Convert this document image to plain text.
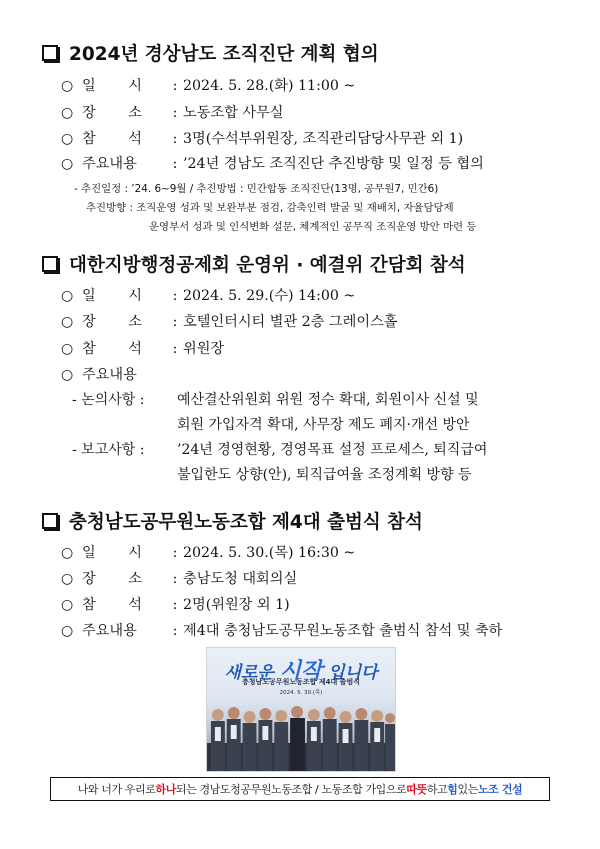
2024년 경상남도 조직진단 계획 협의
○ 일 시	: 2024. 5. 28.(화) 11:00 ~
○ 장 소	: 노동조합 사무실
○ 참 석	: 3명(수석부위원장, 조직관리담당사무관 외 1)
○ 주요내용	: ’24년 경남도 조직진단 추진방향 및 일정 등 협의
- 추진일정 : ’24. 6~9월 / 추진방법 : 민간합동 조직진단(13명, 공무원7, 민간6)
추진방향 : 조직운영 성과 및 보완부분 점검, 감축인력 발굴 및 재배치, 자율담당제
운영부서 성과 및 인식변화 설문, 체계적인 공무직 조직운영 방안 마련 등
대한지방행정공제회 운영위 · 예결위 간담회 참석
○ 일 시	: 2024. 5. 29.(수) 14:00 ~
○ 장 소	: 호텔인터시티 별관 2층 그레이스홀
○ 참 석	: 위원장
○ 주요내용
- 논의사항 : 예산결산위원회 위원 정수 확대, 회원이사 신설 및
회원 가입자격 확대, 사무장 제도 폐지·개선 방안
- 보고사항 : ’24년 경영현황, 경영목표 설정 프로세스, 퇴직급여
불입한도 상향(안), 퇴직급여율 조정계획 방향 등
충청남도공무원노동조합 제4대 출범식 참석
○ 일 시	: 2024. 5. 30.(목) 16:30 ~
○ 장 소	: 충남도청 대회의실
○ 참 석	: 2명(위원장 외 1)
○ 주요내용	: 제4대 충청남도공무원노동조합 출범식 참석 및 축하
새로운 시작 입니다
충청남도공무원노동조합 제4대 출범식
2024. 5. 30.(목)
나와 너가 우리로 하나 되는 경남도청공무원노동조합 / 노동조합 가입으로 따뜻 하고 힘 있는 노조 건설
